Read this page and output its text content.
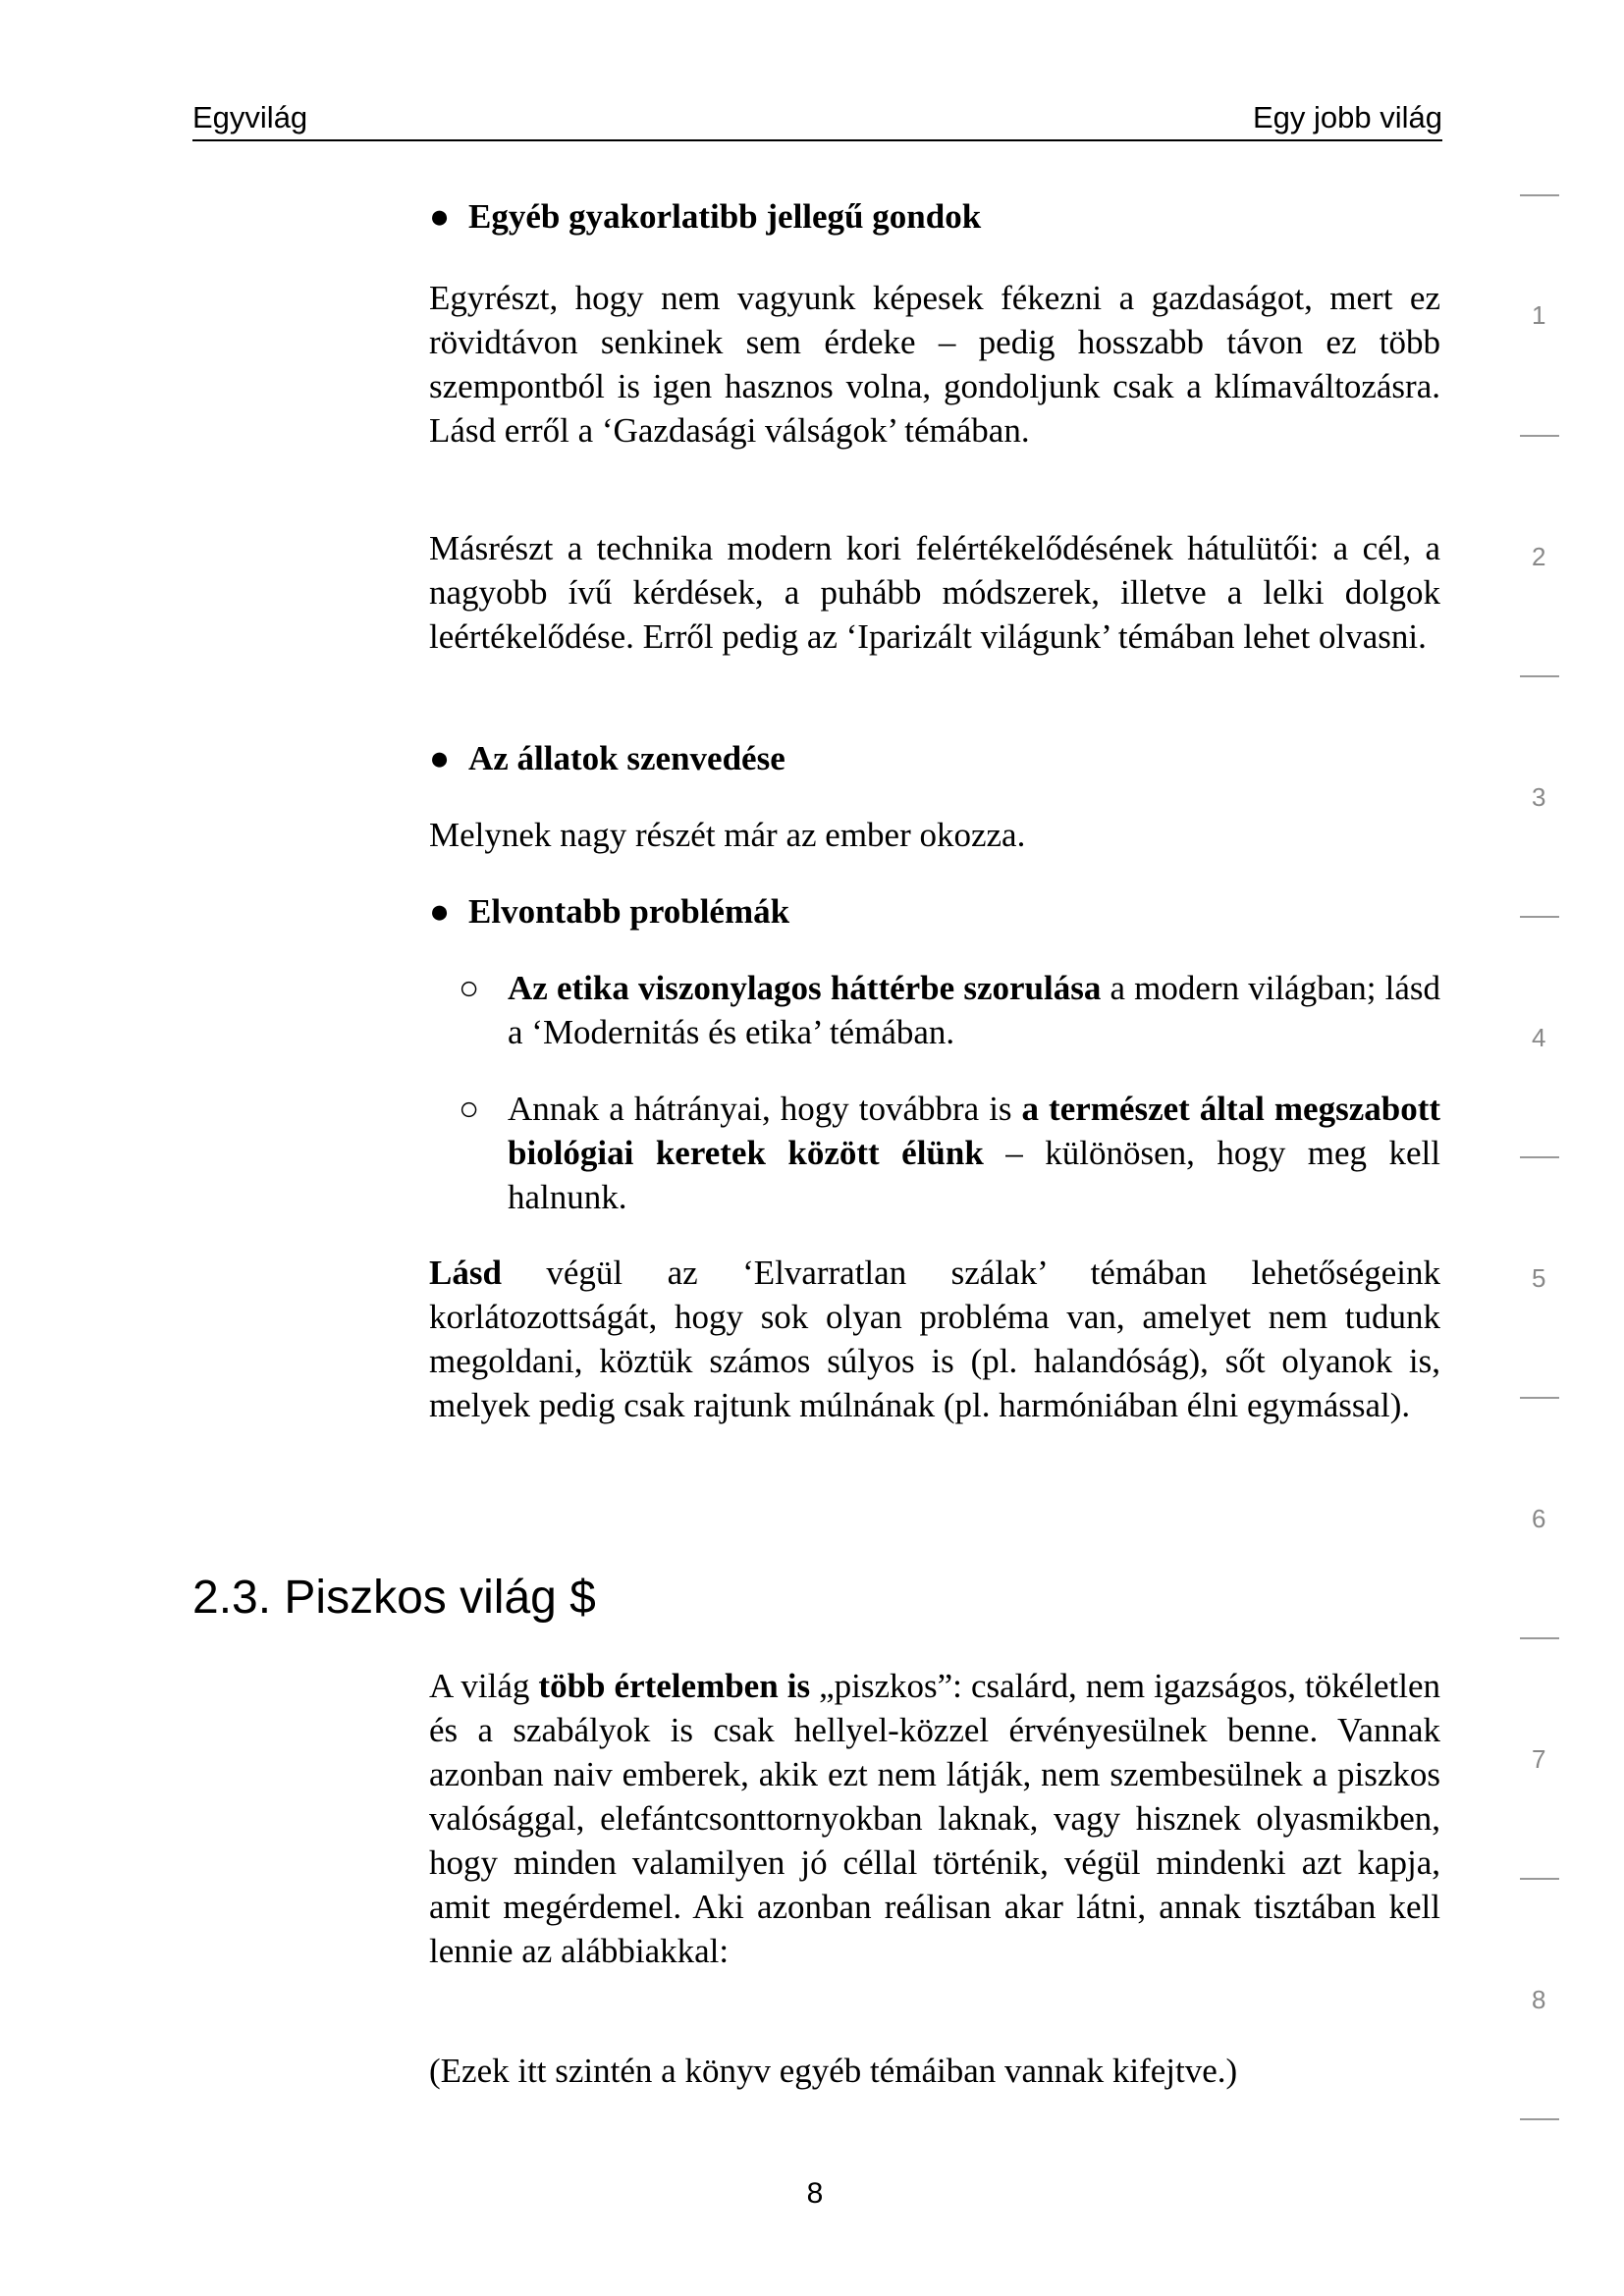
Egyvilág	Egy jobb világ

● Egyéb gyakorlatibb jellegű gondok

Egyrészt, hogy nem vagyunk képesek fékezni a gazdaságot, mert ez rövidtávon senkinek sem érdeke – pedig hosszabb távon ez több szempontból is igen hasznos volna, gondoljunk csak a klímaváltozásra. Lásd erről a ‘Gazdasági válságok’ témában.

Másrészt a technika modern kori felértékelődésének hátulütői: a cél, a nagyobb ívű kérdések, a puhább módszerek, illetve a lelki dolgok leértékelődése. Erről pedig az ‘Iparizált világunk’ témában lehet olvasni.

● Az állatok szenvedése

Melynek nagy részét már az ember okozza.

● Elvontabb problémák

○ Az etika viszonylagos háttérbe szorulása a modern világban; lásd a ‘Modernitás és etika’ témában.

○ Annak a hátrányai, hogy továbbra is a természet által megszabott biológiai keretek között élünk – különösen, hogy meg kell halnunk.

Lásd végül az ‘Elvarratlan szálak’ témában lehetőségeink korlátozottságát, hogy sok olyan probléma van, amelyet nem tudunk megoldani, köztük számos súlyos is (pl. halandóság), sőt olyanok is, melyek pedig csak rajtunk múlnának (pl. harmóniában élni egymással).

2.3. Piszkos világ $

A világ több értelemben is „piszkos”: csalárd, nem igazságos, tökéletlen és a szabályok is csak hellyel-közzel érvényesülnek benne. Vannak azonban naiv emberek, akik ezt nem látják, nem szembesülnek a piszkos valósággal, elefántcsonttornyokban laknak, vagy hisznek olyasmikben, hogy minden valamilyen jó céllal történik, végül mindenki azt kapja, amit megérdemel. Aki azonban reálisan akar látni, annak tisztában kell lennie az alábbiakkal:

(Ezek itt szintén a könyv egyéb témáiban vannak kifejtve.)

1
2
3
4
5
6
7
8
8
